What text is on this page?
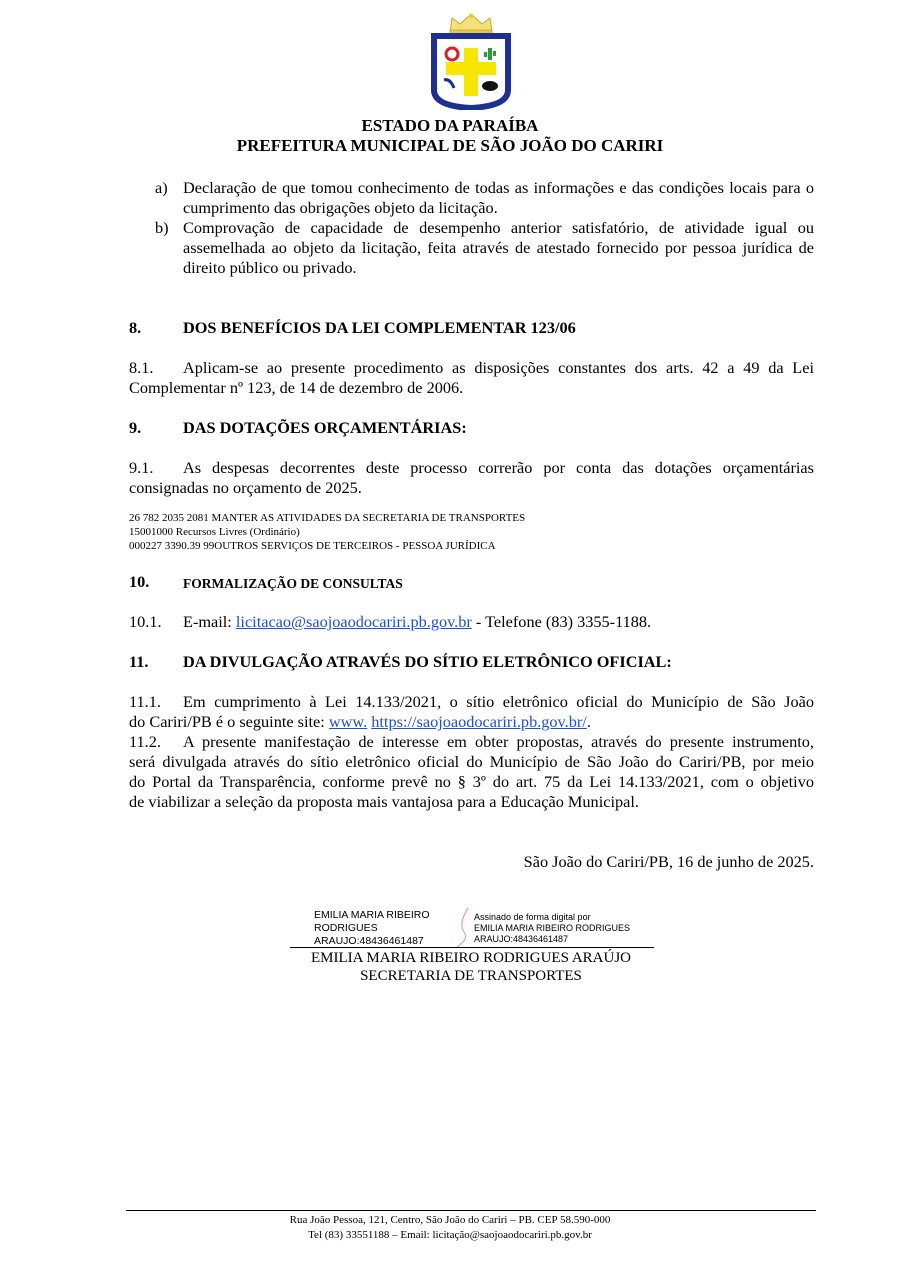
★	★
ESTADO DA PARAÍBA
PREFEITURA MUNICIPAL DE SÃO JOÃO DO CARIRI
a) Declaração de que tomou conhecimento de todas as informações e das condições locais para o cumprimento das obrigações objeto da licitação.
b) Comprovação de capacidade de desempenho anterior satisfatório, de atividade igual ou assemelhada ao objeto da licitação, feita através de atestado fornecido por pessoa jurídica de direito público ou privado.
8.	DOS BENEFÍCIOS DA LEI COMPLEMENTAR 123/06
8.1. Aplicam-se ao presente procedimento as disposições constantes dos arts. 42 a 49 da Lei
Complementar nº 123, de 14 de dezembro de 2006.
9.	DAS DOTAÇÕES ORÇAMENTÁRIAS:
9.1. As despesas decorrentes deste processo correrão por conta das dotações orçamentárias
consignadas no orçamento de 2025.
26 782 2035 2081 MANTER AS ATIVIDADES DA SECRETARIA DE TRANSPORTES
15001000 Recursos Livres (Ordinário)
000227 3390.39 99OUTROS SERVIÇOS DE TERCEIROS - PESSOA JURÍDICA
10. FORMALIZAÇÃO DE CONSULTAS
10.1. E-mail: licitacao@saojoaodocariri.pb.gov.br - Telefone (83) 3355-1188.
11. DA DIVULGAÇÃO ATRAVÉS DO SÍTIO ELETRÔNICO OFICIAL:
11.1. Em cumprimento à Lei 14.133/2021, o sítio eletrônico oficial do Município de São João
do Cariri/PB é o seguinte site: www. https://saojoaodocariri.pb.gov.br/.
11.2. A presente manifestação de interesse em obter propostas, através do presente instrumento,
será divulgada através do sítio eletrônico oficial do Município de São João do Cariri/PB, por meio
do Portal da Transparência, conforme prevê no § 3º do art. 75 da Lei 14.133/2021, com o objetivo
de viabilizar a seleção da proposta mais vantajosa para a Educação Municipal.
São João do Cariri/PB, 16 de junho de 2025.
EMILIA MARIA RIBEIRO
RODRIGUES
ARAUJO:48436461487
Assinado de forma digital por
EMILIA MARIA RIBEIRO RODRIGUES
ARAUJO:48436461487
EMILIA MARIA RIBEIRO RODRIGUES ARAÚJO
SECRETARIA DE TRANSPORTES
Rua João Pessoa, 121, Centro, São João do Cariri – PB. CEP 58.590-000
Tel (83) 33551188 – Email: licitação@saojoaodocariri.pb.gov.br
